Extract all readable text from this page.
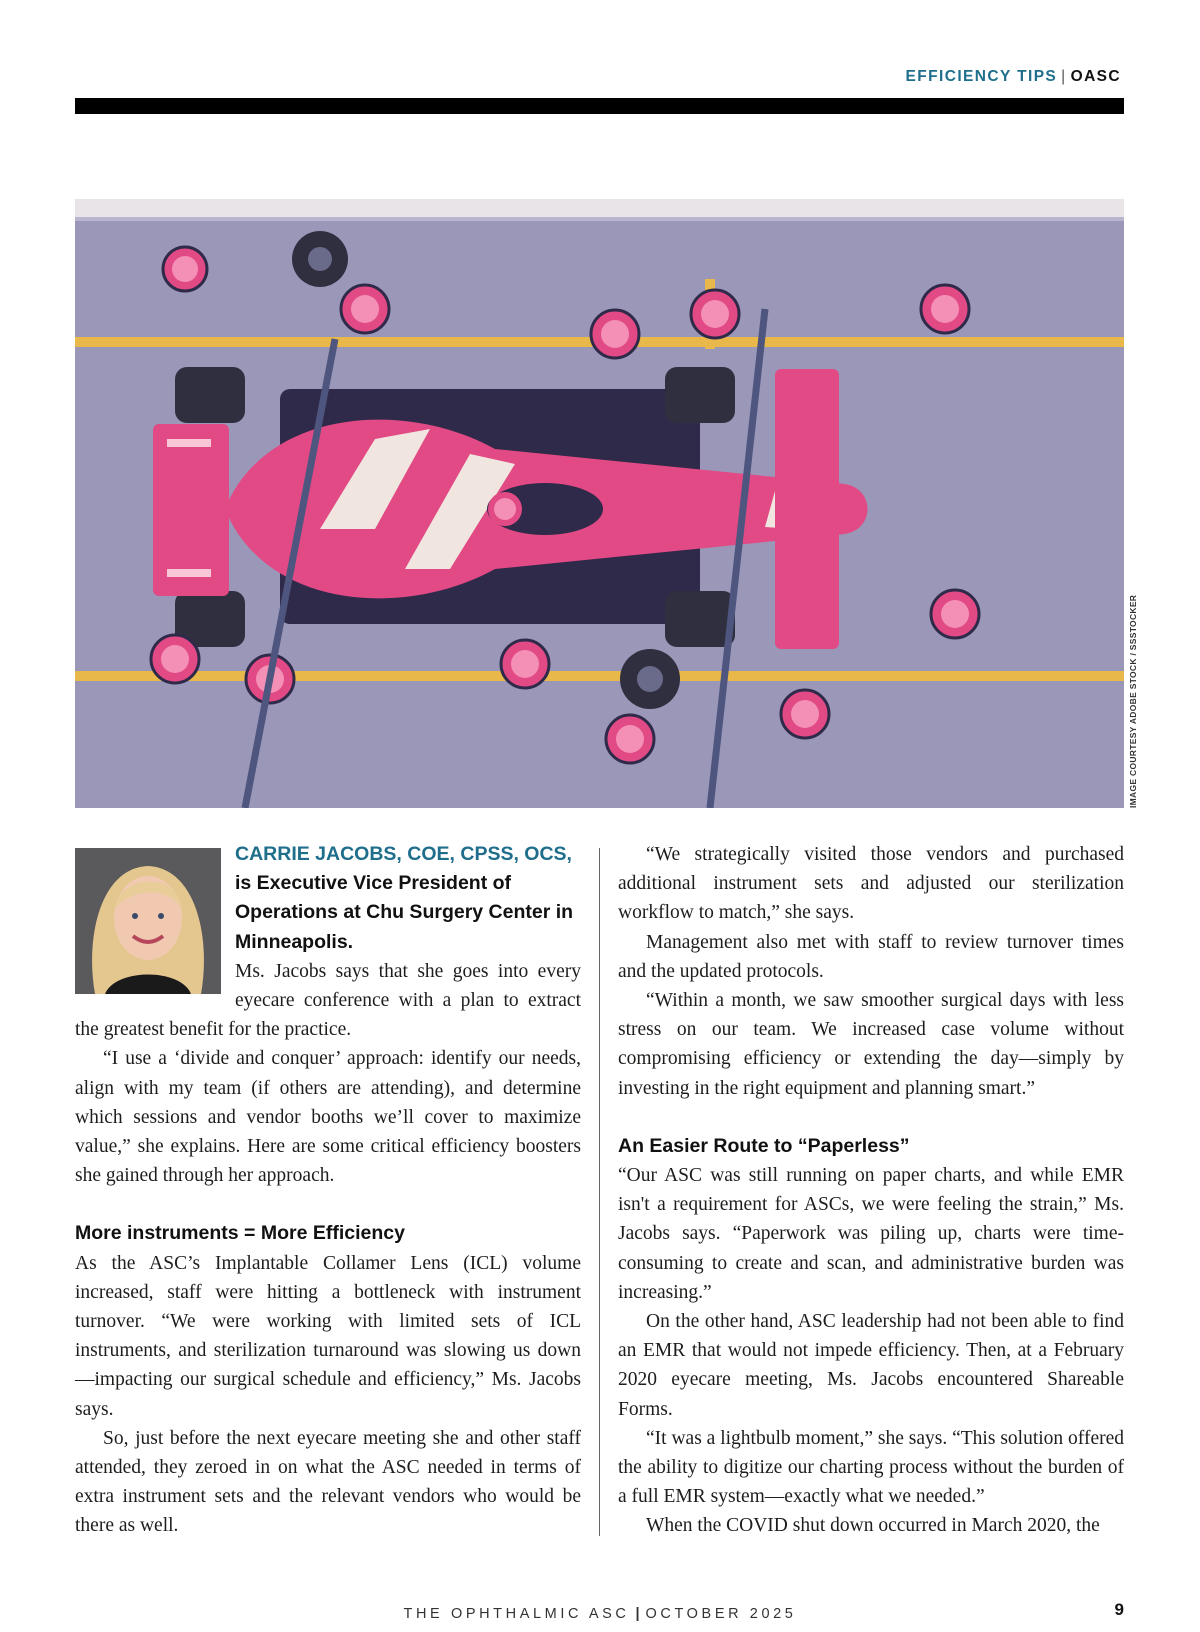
EFFICIENCY TIPS | OASC
IMAGE COURTESY ADOBE STOCK / SSSTOCKER
CARRIE JACOBS, COE, CPSS, OCS,
is Executive Vice President of Operations at Chu Surgery Center in Minneapolis.

Ms. Jacobs says that she goes into every eyecare conference with a plan to extract the greatest benefit for the practice.

“I use a ‘divide and conquer’ approach: identify our needs, align with my team (if others are attending), and determine which sessions and vendor booths we’ll cover to maximize value,” she explains. Here are some critical efficiency boosters she gained through her approach.

More instruments = More Efficiency

As the ASC’s Implantable Collamer Lens (ICL) volume increased, staff were hitting a bottleneck with instrument turnover. “We were working with limited sets of ICL instruments, and sterilization turnaround was slowing us down—impacting our surgical schedule and efficiency,” Ms. Jacobs says.

So, just before the next eyecare meeting she and other staff attended, they zeroed in on what the ASC needed in terms of extra instrument sets and the relevant vendors who would be there as well.

“We strategically visited those vendors and purchased additional instrument sets and adjusted our sterilization workflow to match,” she says.

Management also met with staff to review turnover times and the updated protocols.

“Within a month, we saw smoother surgical days with less stress on our team. We increased case volume without compromising efficiency or extending the day—simply by investing in the right equipment and planning smart.”

An Easier Route to “Paperless”

“Our ASC was still running on paper charts, and while EMR isn't a requirement for ASCs, we were feeling the strain,” Ms. Jacobs says. “Paperwork was piling up, charts were time-consuming to create and scan, and administrative burden was increasing.”

On the other hand, ASC leadership had not been able to find an EMR that would not impede efficiency. Then, at a February 2020 eyecare meeting, Ms. Jacobs encountered Shareable Forms.

“It was a lightbulb moment,” she says. “This solution offered the ability to digitize our charting process without the burden of a full EMR system—exactly what we needed.”

When the COVID shut down occurred in March 2020, the

THE OPHTHALMIC ASC | OCTOBER 2025	9
